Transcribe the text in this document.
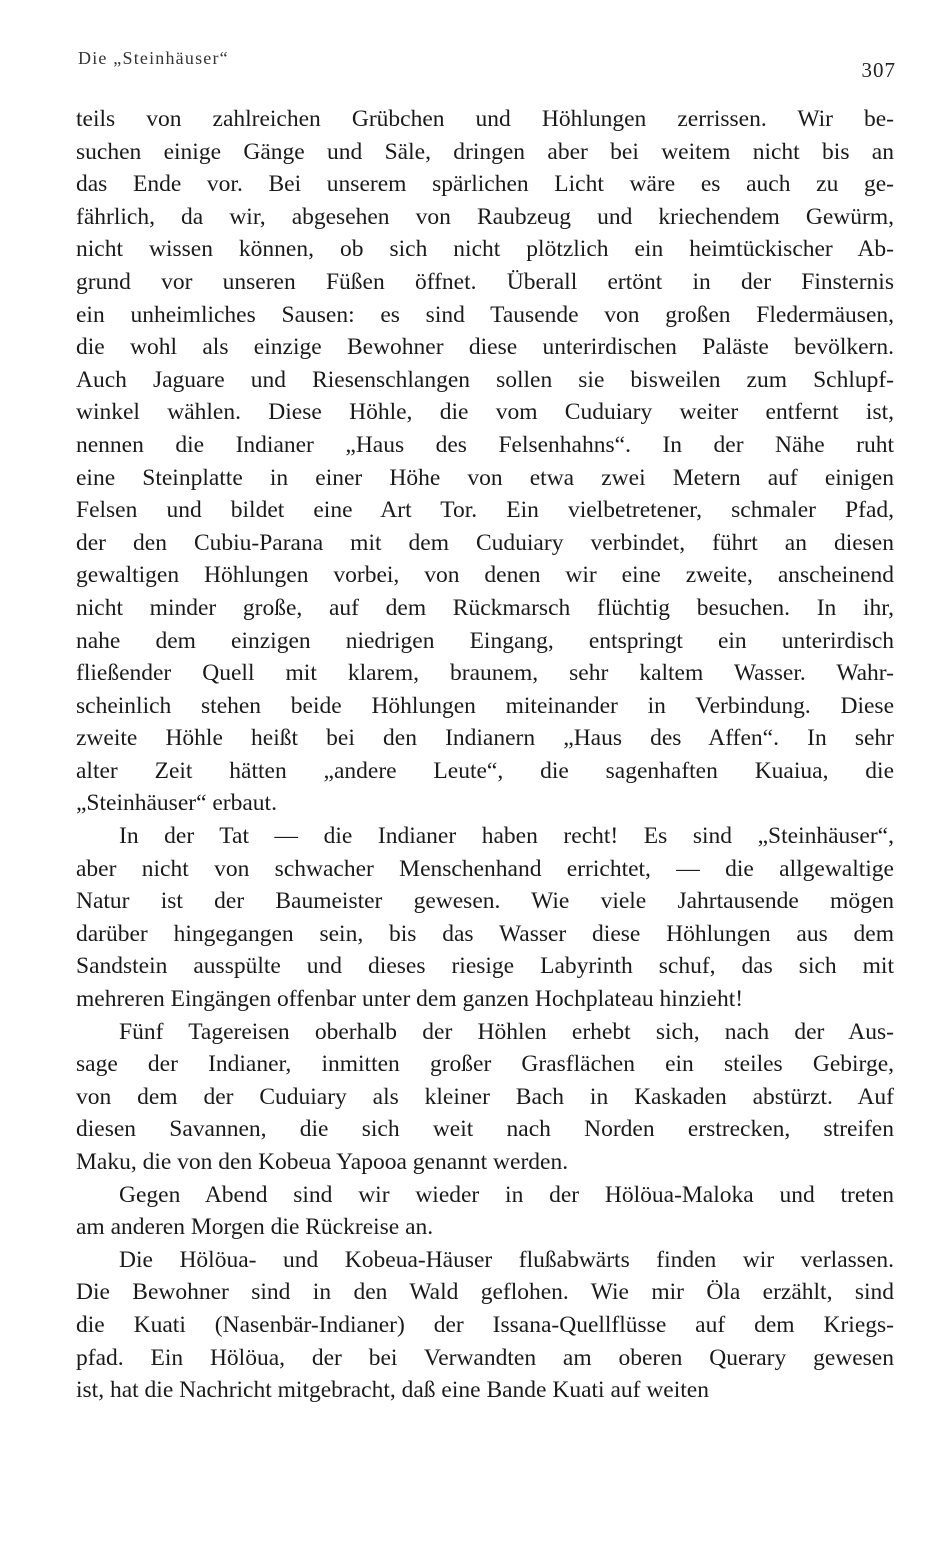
Die „Steinhäuser“	307
teils von zahlreichen Grübchen und Höhlungen zerrissen. Wir be-
suchen einige Gänge und Säle, dringen aber bei weitem nicht bis an
das Ende vor. Bei unserem spärlichen Licht wäre es auch zu ge-
fährlich, da wir, abgesehen von Raubzeug und kriechendem Gewürm,
nicht wissen können, ob sich nicht plötzlich ein heimtückischer Ab-
grund vor unseren Füßen öffnet. Überall ertönt in der Finsternis
ein unheimliches Sausen: es sind Tausende von großen Fledermäusen,
die wohl als einzige Bewohner diese unterirdischen Paläste bevölkern.
Auch Jaguare und Riesenschlangen sollen sie bisweilen zum Schlupf-
winkel wählen. Diese Höhle, die vom Cuduiary weiter entfernt ist,
nennen die Indianer „Haus des Felsenhahns“. In der Nähe ruht
eine Steinplatte in einer Höhe von etwa zwei Metern auf einigen
Felsen und bildet eine Art Tor. Ein vielbetretener, schmaler Pfad,
der den Cubiu-Parana mit dem Cuduiary verbindet, führt an diesen
gewaltigen Höhlungen vorbei, von denen wir eine zweite, anscheinend
nicht minder große, auf dem Rückmarsch flüchtig besuchen. In ihr,
nahe dem einzigen niedrigen Eingang, entspringt ein unterirdisch
fließender Quell mit klarem, braunem, sehr kaltem Wasser. Wahr-
scheinlich stehen beide Höhlungen miteinander in Verbindung. Diese
zweite Höhle heißt bei den Indianern „Haus des Affen“. In sehr
alter Zeit hätten „andere Leute“, die sagenhaften Kuaiua, die
„Steinhäuser“ erbaut.
In der Tat — die Indianer haben recht! Es sind „Steinhäuser“,
aber nicht von schwacher Menschenhand errichtet, — die allgewaltige
Natur ist der Baumeister gewesen. Wie viele Jahrtausende mögen
darüber hingegangen sein, bis das Wasser diese Höhlungen aus dem
Sandstein ausspülte und dieses riesige Labyrinth schuf, das sich mit
mehreren Eingängen offenbar unter dem ganzen Hochplateau hinzieht!
Fünf Tagereisen oberhalb der Höhlen erhebt sich, nach der Aus-
sage der Indianer, inmitten großer Grasflächen ein steiles Gebirge,
von dem der Cuduiary als kleiner Bach in Kaskaden abstürzt. Auf
diesen Savannen, die sich weit nach Norden erstrecken, streifen
Maku, die von den Kobeua Yapooa genannt werden.
Gegen Abend sind wir wieder in der Hölöua-Maloka und treten
am anderen Morgen die Rückreise an.
Die Hölöua- und Kobeua-Häuser flußabwärts finden wir verlassen.
Die Bewohner sind in den Wald geflohen. Wie mir Öla erzählt, sind
die Kuati (Nasenbär-Indianer) der Issana-Quellflüsse auf dem Kriegs-
pfad. Ein Hölöua, der bei Verwandten am oberen Querary gewesen
ist, hat die Nachricht mitgebracht, daß eine Bande Kuati auf weiten
